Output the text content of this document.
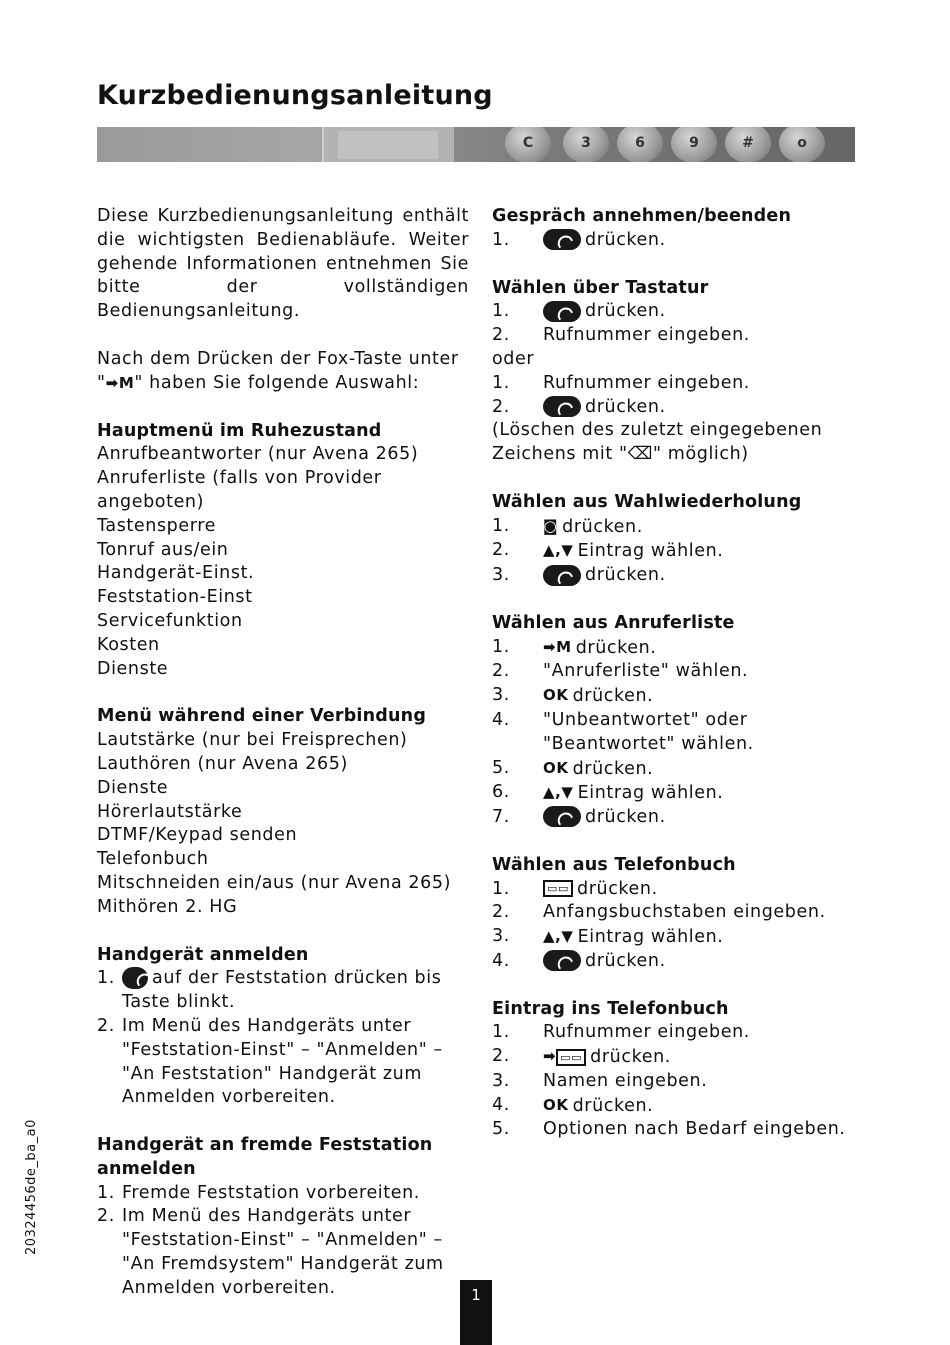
Kurzbedienungsanleitung
C	3	6	9	#	o

Diese Kurzbedienungsanleitung enthält die wichtigsten Bedienabläufe. Weiter gehende Informationen entnehmen Sie bitte der vollständigen Bedienungsanleitung.

Nach dem Drücken der Fox-Taste unter "➡M" haben Sie folgende Auswahl:

Hauptmenü im Ruhezustand
Anrufbeantworter (nur Avena 265)
Anruferliste (falls von Provider angeboten)
Tastensperre
Tonruf aus/ein
Handgerät-Einst.
Feststation-Einst
Servicefunktion
Kosten
Dienste
Menü während einer Verbindung
Lautstärke (nur bei Freisprechen)
Lauthören (nur Avena 265)
Dienste
Hörerlautstärke
DTMF/Keypad senden
Telefonbuch
Mitschneiden ein/aus (nur Avena 265)
Mithören 2. HG
Handgerät anmelden
1.	auf der Feststation drücken bis Taste blinkt.
2. Im Menü des Handgeräts unter "Feststation-Einst" – "Anmelden" – "An Feststation" Handgerät zum Anmelden vorbereiten.
Handgerät an fremde Feststation anmelden
1. Fremde Feststation vorbereiten.
2. Im Menü des Handgeräts unter "Feststation-Einst" – "Anmelden" – "An Fremdsystem" Handgerät zum Anmelden vorbereiten.
Gespräch annehmen/beenden
1.	drücken.
Wählen über Tastatur
1.	drücken.
2.	Rufnummer eingeben.
oder
1.	Rufnummer eingeben.
2.	drücken.
(Löschen des zuletzt eingegebenen Zeichens mit "⌫" möglich)
Wählen aus Wahlwiederholung
1.	◙ drücken.
2.	▲,▼ Eintrag wählen.
3.	drücken.
Wählen aus Anruferliste
1.	➡M drücken.
2.	"Anruferliste" wählen.
3.	OK drücken.
4.	"Unbeantwortet" oder "Beantwortet" wählen.
5.	OK drücken.
6.	▲,▼ Eintrag wählen.
7.	drücken.
Wählen aus Telefonbuch
1.	▭▭ drücken.
2.	Anfangsbuchstaben eingeben.
3.	▲,▼ Eintrag wählen.
4.	drücken.
Eintrag ins Telefonbuch
1.	Rufnummer eingeben.
2.	➡ ▭▭ drücken.
3.	Namen eingeben.
4.	OK drücken.
5.	Optionen nach Bedarf eingeben.
20324456de_ba_a0
1
